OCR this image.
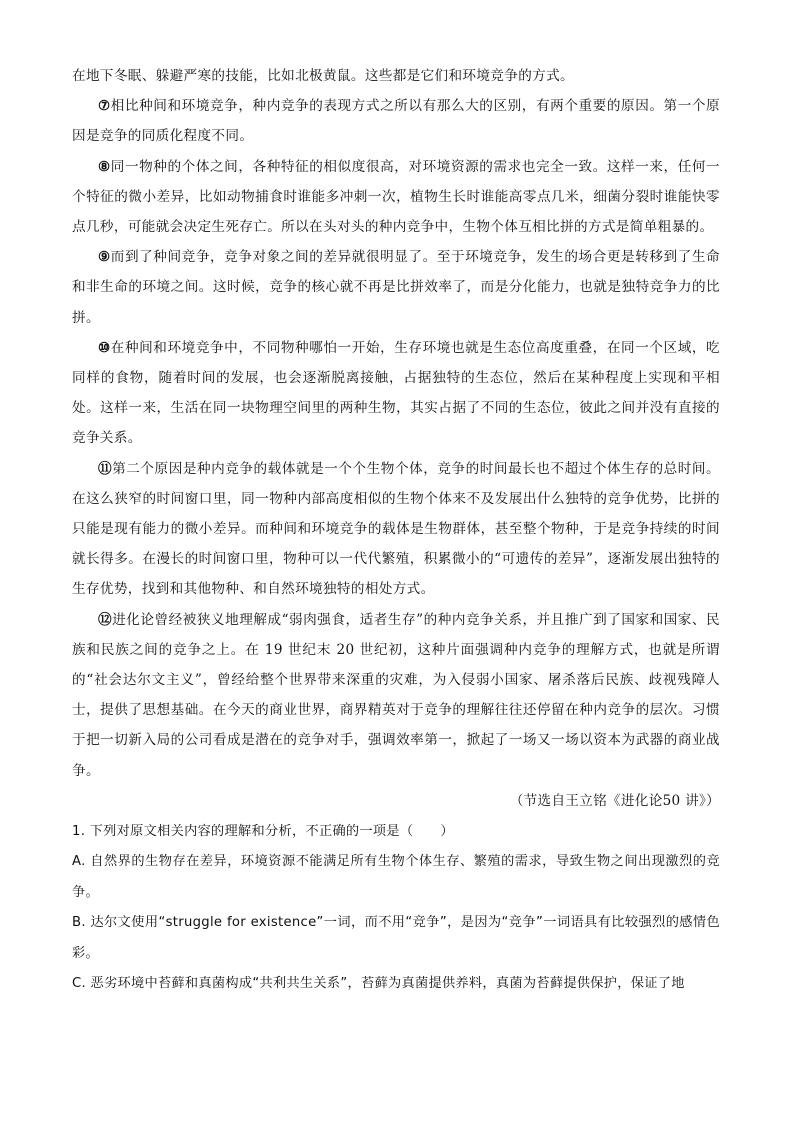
在地下冬眠、躲避严寒的技能，比如北极黄鼠。这些都是它们和环境竞争的方式。

⑦相比种间和环境竞争，种内竞争的表现方式之所以有那么大的区别，有两个重要的原因。第一个原因是竞争的同质化程度不同。

⑧同一物种的个体之间，各种特征的相似度很高，对环境资源的需求也完全一致。这样一来，任何一个特征的微小差异，比如动物捕食时谁能多冲刺一次，植物生长时谁能高零点几米，细菌分裂时谁能快零点几秒，可能就会决定生死存亡。所以在头对头的种内竞争中，生物个体互相比拼的方式是简单粗暴的。

⑨而到了种间竞争，竞争对象之间的差异就很明显了。至于环境竞争，发生的场合更是转移到了生命和非生命的环境之间。这时候，竞争的核心就不再是比拼效率了，而是分化能力，也就是独特竞争力的比拼。

⑩在种间和环境竞争中，不同物种哪怕一开始，生存环境也就是生态位高度重叠，在同一个区域，吃同样的食物，随着时间的发展，也会逐渐脱离接触，占据独特的生态位，然后在某种程度上实现和平相处。这样一来，生活在同一块物理空间里的两种生物，其实占据了不同的生态位，彼此之间并没有直接的竞争关系。

⑪第二个原因是种内竞争的载体就是一个个生物个体，竞争的时间最长也不超过个体生存的总时间。在这么狭窄的时间窗口里，同一物种内部高度相似的生物个体来不及发展出什么独特的竞争优势，比拼的只能是现有能力的微小差异。而种间和环境竞争的载体是生物群体，甚至整个物种，于是竞争持续的时间就长得多。在漫长的时间窗口里，物种可以一代代繁殖，积累微小的“可遗传的差异”，逐渐发展出独特的生存优势，找到和其他物种、和自然环境独特的相处方式。

⑫进化论曾经被狭义地理解成“弱肉强食，适者生存”的种内竞争关系，并且推广到了国家和国家、民族和民族之间的竞争之上。在 19 世纪末 20 世纪初，这种片面强调种内竞争的理解方式，也就是所谓的“社会达尔文主义”，曾经给整个世界带来深重的灾难，为入侵弱小国家、屠杀落后民族、歧视残障人士，提供了思想基础。在今天的商业世界，商界精英对于竞争的理解往往还停留在种内竞争的层次。习惯于把一切新入局的公司看成是潜在的竞争对手，强调效率第一，掀起了一场又一场以资本为武器的商业战争。

（节选自王立铭《进化论50 讲》）

1. 下列对原文相关内容的理解和分析，不正确的一项是（　　）

A. 自然界的生物存在差异，环境资源不能满足所有生物个体生存、繁殖的需求，导致生物之间出现激烈的竞争。

B. 达尔文使用“struggle for existence”一词，而不用“竞争”，是因为“竞争”一词语具有比较强烈的感情色彩。

C. 恶劣环境中苔藓和真菌构成“共利共生关系”，苔藓为真菌提供养料，真菌为苔藓提供保护，保证了地
